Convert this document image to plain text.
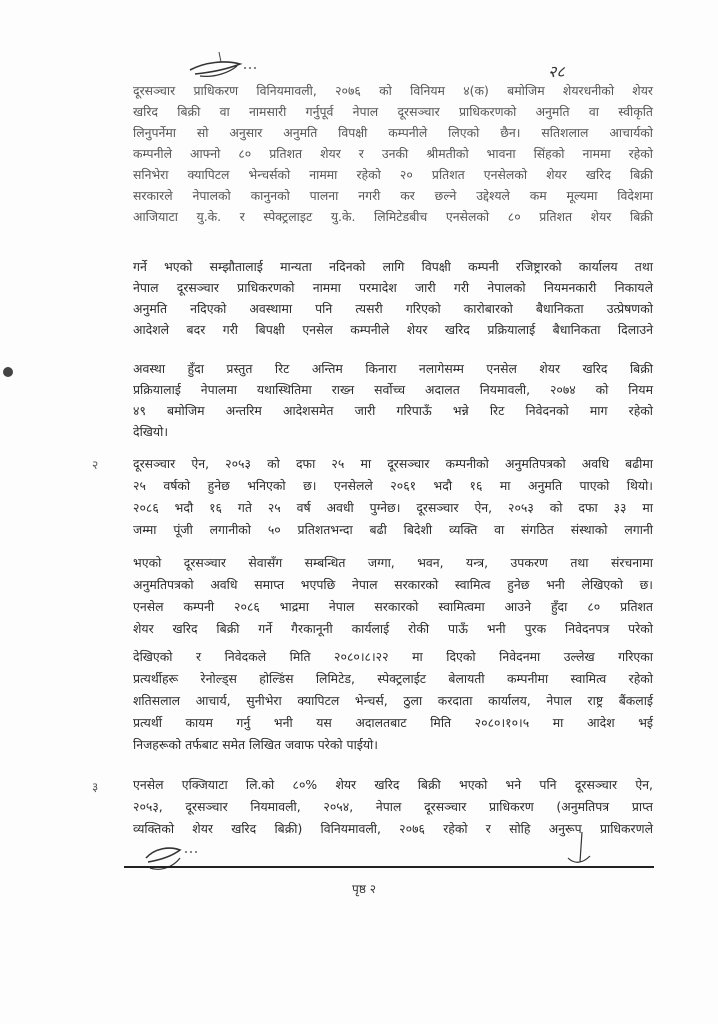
२८
दूरसञ्चार प्राधिकरण विनियमावली, २०७६ को विनियम ४(क) बमोजिम शेयरधनीको शेयर
खरिद बिक्री वा नामसारी गर्नुपूर्व नेपाल दूरसञ्चार प्राधिकरणको अनुमति वा स्वीकृति
लिनुपर्नेमा सो अनुसार अनुमति विपक्षी कम्पनीले लिएको छैन। सतिशलाल आचार्यको
कम्पनीले आफ्नो ८० प्रतिशत शेयर र उनकी श्रीमतीको भावना सिंहको नाममा रहेको
सनिभेरा क्यापिटल भेन्चर्सको नाममा रहेको २० प्रतिशत एनसेलको शेयर खरिद बिक्री
सरकारले नेपालको कानुनको पालना नगरी कर छल्ने उद्देश्यले कम मूल्यमा विदेशमा
आजियाटा यु.के. र स्पेक्ट्रलाइट यु.के. लिमिटेडबीच एनसेलको ८० प्रतिशत शेयर बिक्री
गर्ने भएको सम्झौतालाई मान्यता नदिनको लागि विपक्षी कम्पनी रजिष्ट्रारको कार्यालय तथा
नेपाल दूरसञ्चार प्राधिकरणको नाममा परमादेश जारी गरी नेपालको नियमनकारी निकायले
अनुमति नदिएको अवस्थामा पनि त्यसरी गरिएको कारोबारको बैधानिकता उत्प्रेषणको
आदेशले बदर गरी बिपक्षी एनसेल कम्पनीले शेयर खरिद प्रक्रियालाई बैधानिकता दिलाउने
अवस्था हुँदा प्रस्तुत रिट अन्तिम किनारा नलागेसम्म एनसेल शेयर खरिद बिक्री
प्रक्रियालाई नेपालमा यथास्थितिमा राख्न सर्वोच्च अदालत नियमावली, २०७४ को नियम
४९ बमोजिम अन्तरिम आदेशसमेत जारी गरिपाऊँ भन्ने रिट निवेदनको माग रहेको
देखियो।
२	दूरसञ्चार ऐन, २०५३ को दफा २५ मा दूरसञ्चार कम्पनीको अनुमतिपत्रको अवधि बढीमा
२५ वर्षको हुनेछ भनिएको छ। एनसेलले २०६१ भदौ १६ मा अनुमति पाएको थियो।
२०८६ भदौ १६ गते २५ वर्ष अवधी पुग्नेछ। दूरसञ्चार ऐन, २०५३ को दफा ३३ मा
जम्मा पूंजी लगानीको ५० प्रतिशतभन्दा बढी बिदेशी व्यक्ति वा संगठित संस्थाको लगानी
भएको दूरसञ्चार सेवासँग सम्बन्धित जग्गा, भवन, यन्त्र, उपकरण तथा संरचनामा
अनुमतिपत्रको अवधि समाप्त भएपछि नेपाल सरकारको स्वामित्व हुनेछ भनी लेखिएको छ।
एनसेल कम्पनी २०८६ भाद्रमा नेपाल सरकारको स्वामित्वमा आउने हुँदा ८० प्रतिशत
शेयर खरिद बिक्री गर्ने गैरकानूनी कार्यलाई रोकी पाऊँ भनी पुरक निवेदनपत्र परेको
देखिएको र निवेदकले मिति २०८०।८।२२ मा दिएको निवेदनमा उल्लेख गरिएका
प्रत्यर्थीहरू रेनोल्ड्स होल्डिंस लिमिटेड, स्पेक्ट्रलाईट बेलायती कम्पनीमा स्वामित्व रहेको
शतिसलाल आचार्य, सुनीभेरा क्यापिटल भेन्चर्स, ठुला करदाता कार्यालय, नेपाल राष्ट्र बैंकलाई
प्रत्यर्थी कायम गर्नु भनी यस अदालतबाट मिति २०८०।१०।५ मा आदेश भई
निजहरूको तर्फबाट समेत लिखित जवाफ परेको पाईयो।
३	एनसेल एक्जियाटा लि.को ८०% शेयर खरिद बिक्री भएको भने पनि दूरसञ्चार ऐन,
२०५३, दूरसञ्चार नियमावली, २०५४, नेपाल दूरसञ्चार प्राधिकरण (अनुमतिपत्र प्राप्त
व्यक्तिको शेयर खरिद बिक्री) विनियमावली, २०७६ रहेको र सोहि अनुरूप प्राधिकरणले
पृष्ठ २
